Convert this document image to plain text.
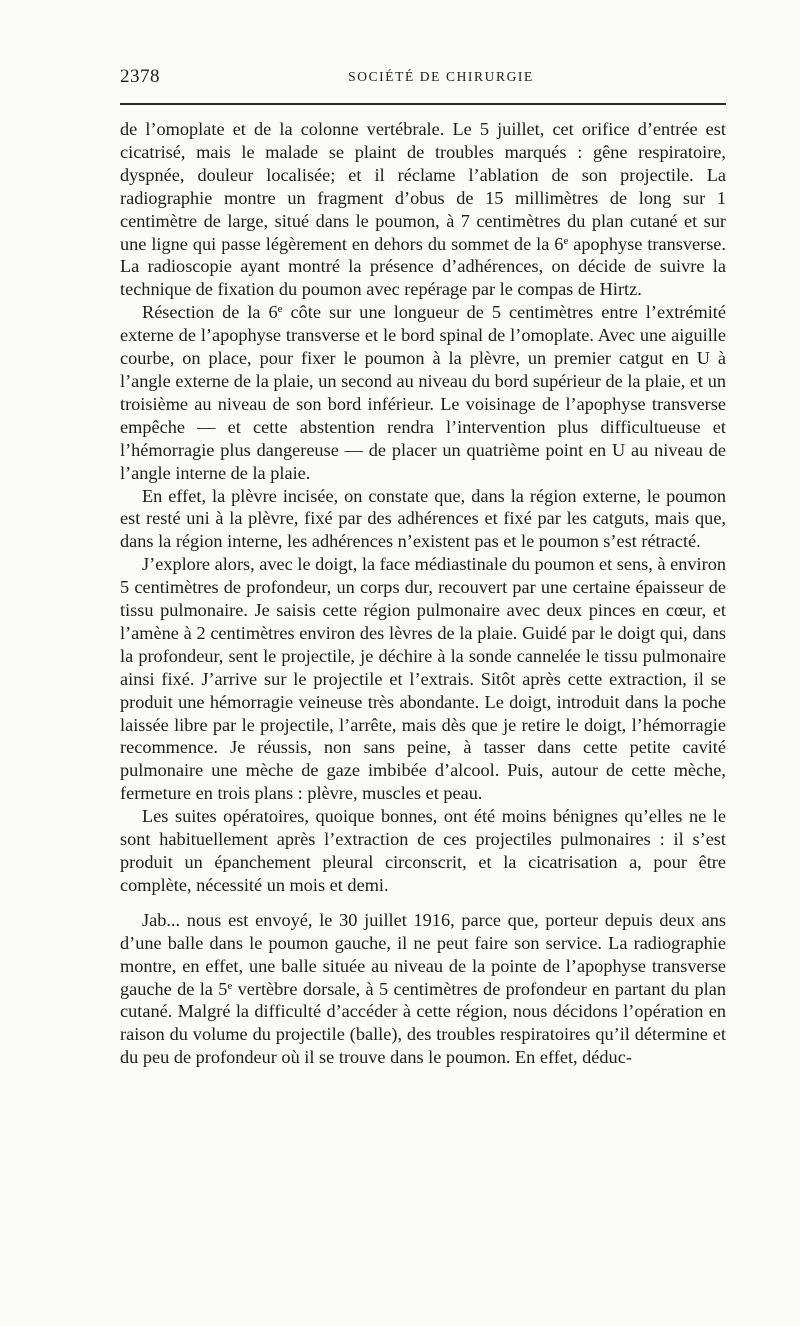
2378	SOCIÉTÉ DE CHIRURGIE

de l’omoplate et de la colonne vertébrale. Le 5 juillet, cet orifice d’entrée est cicatrisé, mais le malade se plaint de troubles marqués : gêne respiratoire, dyspnée, douleur localisée; et il réclame l’ablation de son projectile. La radiographie montre un fragment d’obus de 15 millimètres de long sur 1 centimètre de large, situé dans le poumon, à 7 centimètres du plan cutané et sur une ligne qui passe légèrement en dehors du sommet de la 6e apophyse transverse. La radioscopie ayant montré la présence d’adhérences, on décide de suivre la technique de fixation du poumon avec repérage par le compas de Hirtz.

Résection de la 6e côte sur une longueur de 5 centimètres entre l’extrémité externe de l’apophyse transverse et le bord spinal de l’omoplate. Avec une aiguille courbe, on place, pour fixer le poumon à la plèvre, un premier catgut en U à l’angle externe de la plaie, un second au niveau du bord supérieur de la plaie, et un troisième au niveau de son bord inférieur. Le voisinage de l’apophyse transverse empêche — et cette abstention rendra l’intervention plus difficultueuse et l’hémorragie plus dangereuse — de placer un quatrième point en U au niveau de l’angle interne de la plaie.

En effet, la plèvre incisée, on constate que, dans la région externe, le poumon est resté uni à la plèvre, fixé par des adhérences et fixé par les catguts, mais que, dans la région interne, les adhérences n’existent pas et le poumon s’est rétracté.

J’explore alors, avec le doigt, la face médiastinale du poumon et sens, à environ 5 centimètres de profondeur, un corps dur, recouvert par une certaine épaisseur de tissu pulmonaire. Je saisis cette région pulmonaire avec deux pinces en cœur, et l’amène à 2 centimètres environ des lèvres de la plaie. Guidé par le doigt qui, dans la profondeur, sent le projectile, je déchire à la sonde cannelée le tissu pulmonaire ainsi fixé. J’arrive sur le projectile et l’extrais. Sitôt après cette extraction, il se produit une hémorragie veineuse très abondante. Le doigt, introduit dans la poche laissée libre par le projectile, l’arrête, mais dès que je retire le doigt, l’hémorragie recommence. Je réussis, non sans peine, à tasser dans cette petite cavité pulmonaire une mèche de gaze imbibée d’alcool. Puis, autour de cette mèche, fermeture en trois plans : plèvre, muscles et peau.

Les suites opératoires, quoique bonnes, ont été moins bénignes qu’elles ne le sont habituellement après l’extraction de ces projectiles pulmonaires : il s’est produit un épanchement pleural circonscrit, et la cicatrisation a, pour être complète, nécessité un mois et demi.

Jab... nous est envoyé, le 30 juillet 1916, parce que, porteur depuis deux ans d’une balle dans le poumon gauche, il ne peut faire son service. La radiographie montre, en effet, une balle située au niveau de la pointe de l’apophyse transverse gauche de la 5e vertèbre dorsale, à 5 centimètres de profondeur en partant du plan cutané. Malgré la difficulté d’accéder à cette région, nous décidons l’opération en raison du volume du projectile (balle), des troubles respiratoires qu’il détermine et du peu de profondeur où il se trouve dans le poumon. En effet, déduc-
